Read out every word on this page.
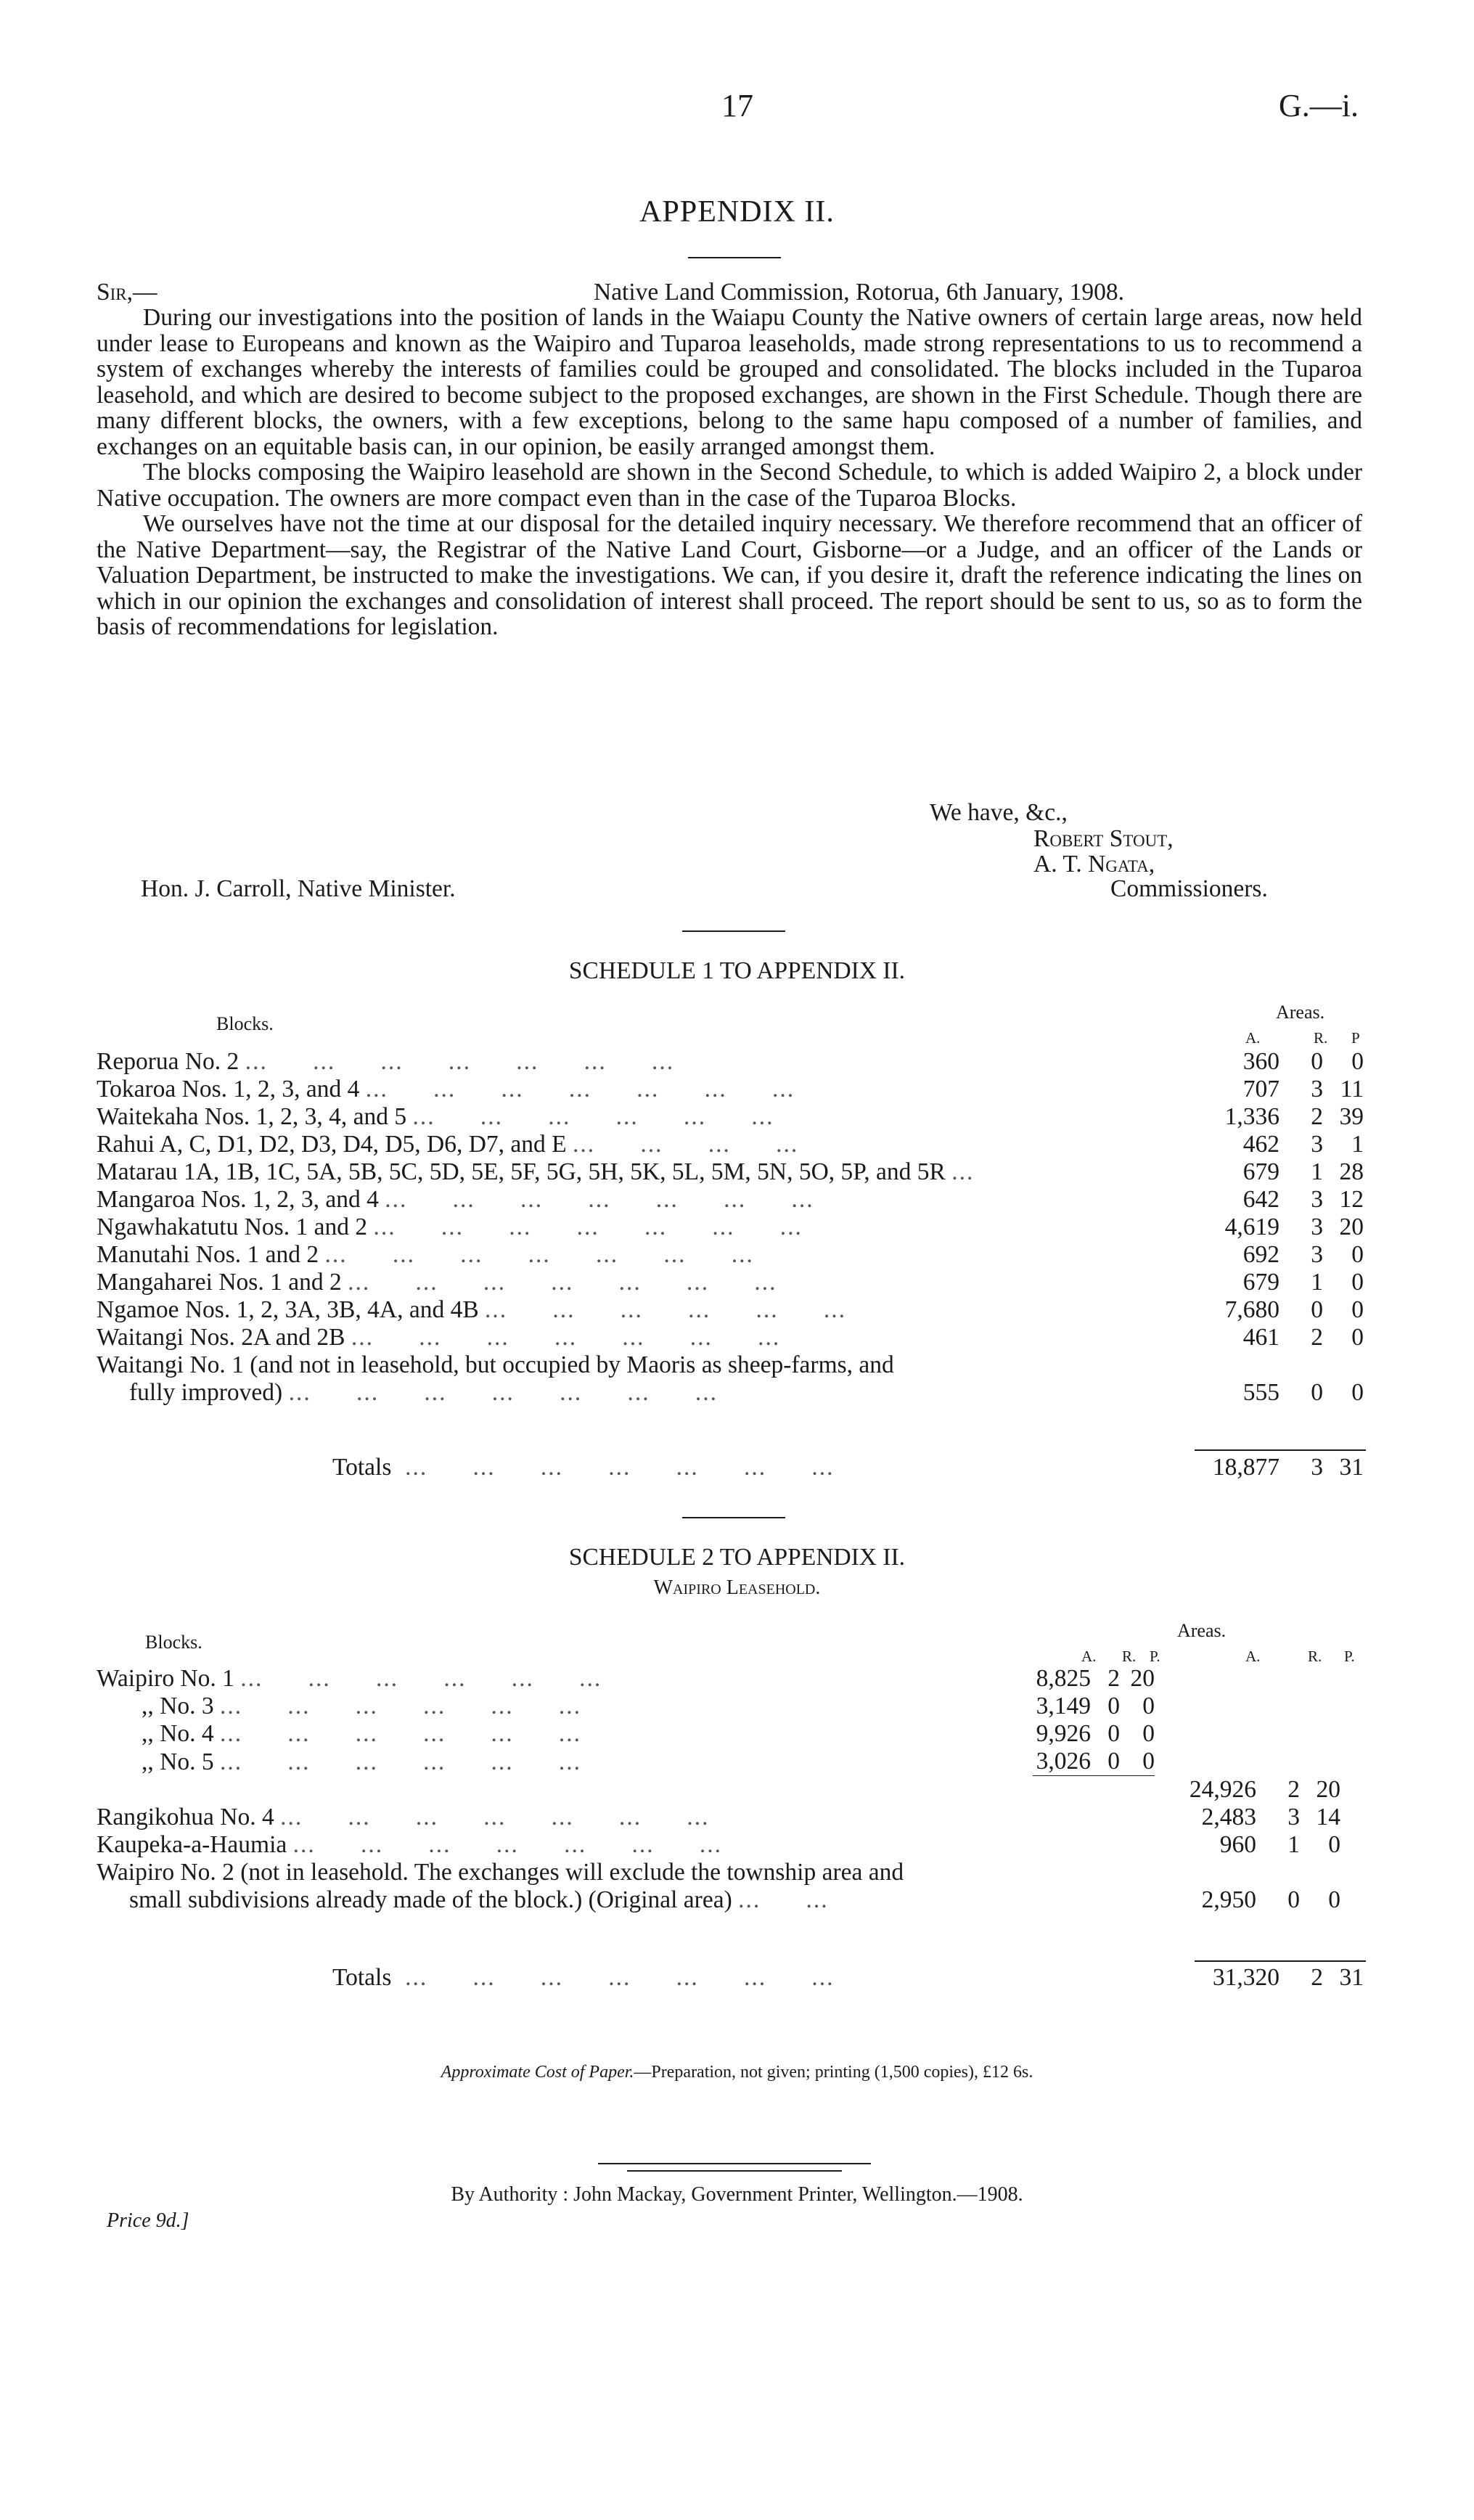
17	G.—i.
APPENDIX II.
Sir,—	Native Land Commission, Rotorua, 6th January, 1908.

During our investigations into the position of lands in the Waiapu County the Native owners of certain large areas, now held under lease to Europeans and known as the Waipiro and Tuparoa leaseholds, made strong representations to us to recommend a system of exchanges whereby the interests of families could be grouped and consolidated. The blocks included in the Tuparoa leasehold, and which are desired to become subject to the proposed exchanges, are shown in the First Schedule. Though there are many different blocks, the owners, with a few exceptions, belong to the same hapu composed of a number of families, and exchanges on an equitable basis can, in our opinion, be easily arranged amongst them.

The blocks composing the Waipiro leasehold are shown in the Second Schedule, to which is added Waipiro 2, a block under Native occupation. The owners are more compact even than in the case of the Tuparoa Blocks.

We ourselves have not the time at our disposal for the detailed inquiry necessary. We therefore recommend that an officer of the Native Department—say, the Registrar of the Native Land Court, Gisborne—or a Judge, and an officer of the Lands or Valuation Department, be instructed to make the investigations. We can, if you desire it, draft the reference indicating the lines on which in our opinion the exchanges and consolidation of interest shall proceed. The report should be sent to us, so as to form the basis of recommendations for legislation.

We have, &c.,
Robert Stout,
A. T. Ngata,
Hon. J. Carroll, Native Minister.	Commissioners.
SCHEDULE 1 TO APPENDIX II.
Blocks.
Areas.
A.	R. P
Reporua No. 2 ...      ...      ...      ...      ...      ...      ...	360	0	0
Tokaroa Nos. 1, 2, 3, and 4 ...      ...      ...      ...      ...      ...      ...	707	3	11
Waitekaha Nos. 1, 2, 3, 4, and 5 ...      ...      ...      ...      ...      ...	1,336	2	39
Rahui A, C, D1, D2, D3, D4, D5, D6, D7, and E ...      ...      ...      ...	462	3	1
Matarau 1A, 1B, 1C, 5A, 5B, 5C, 5D, 5E, 5F, 5G, 5H, 5K, 5L, 5M, 5N, 5O, 5P, and 5R ...	679	1	28
Mangaroa Nos. 1, 2, 3, and 4 ...      ...      ...      ...      ...      ...      ...	642	3	12
Ngawhakatutu Nos. 1 and 2 ...      ...      ...      ...      ...      ...      ...	4,619	3	20
Manutahi Nos. 1 and 2 ...      ...      ...      ...      ...      ...      ...	692	3	0
Mangaharei Nos. 1 and 2 ...      ...      ...      ...      ...      ...      ...	679	1	0
Ngamoe Nos. 1, 2, 3A, 3B, 4A, and 4B ...      ...      ...      ...      ...      ...	7,680	0	0
Waitangi Nos. 2A and 2B ...      ...      ...      ...      ...      ...      ...	461	2	0
Waitangi No. 1 (and not in leasehold, but occupied by Maoris as sheep-farms, and			
fully improved) ...      ...      ...      ...      ...      ...      ...	555	0	0
Totals  ...      ...      ...      ...      ...      ...      ...	18,877	3	31
SCHEDULE 2 TO APPENDIX II.
Waipiro Leasehold.
Blocks.
Areas.
A. R. P.	A.	R. P.
Waipiro No. 1 ...      ...      ...      ...      ...      ...	8,825	2	20			
,, No. 3 ...      ...      ...      ...      ...      ...	3,149	0	0			
,, No. 4 ...      ...      ...      ...      ...      ...	9,926	0	0			
,, No. 5 ...      ...      ...      ...      ...      ...	3,026	0	0			
				24,926	2	20
Rangikohua No. 4 ...      ...      ...      ...      ...      ...      ...				2,483	3	14
Kaupeka-a-Haumia ...      ...      ...      ...      ...      ...      ...				960	1	0
Waipiro No. 2 (not in leasehold. The exchanges will exclude the township area and						
small subdivisions already made of the block.) (Original area) ...      ...				2,950	0	0
Totals  ...      ...      ...      ...      ...      ...      ...	31,320	2	31
Approximate Cost of Paper.—Preparation, not given; printing (1,500 copies), £12 6s.
By Authority : John Mackay, Government Printer, Wellington.—1908.
Price 9d.]
